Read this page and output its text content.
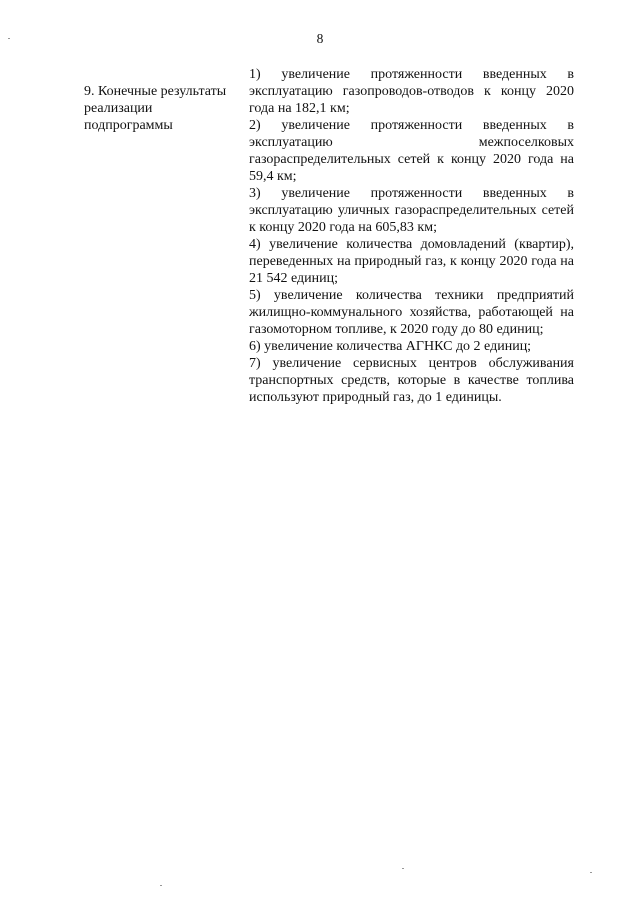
8
9. Конечные результаты
реализации
подпрограммы

1) увеличение протяженности введенных в эксплуатацию газопроводов-отводов к концу 2020 года на 182,1 км;

2) увеличение протяженности введенных в эксплуатацию межпоселковых газораспределительных сетей к концу 2020 года на 59,4 км;

3) увеличение протяженности введенных в эксплуатацию уличных газораспределительных сетей к концу 2020 года на 605,83 км;

4) увеличение количества домовладений (квартир), переведенных на природный газ, к концу 2020 года на 21 542 единиц;

5) увеличение количества техники предприятий жилищно-коммунального хозяйства, работающей на газомоторном топливе, к 2020 году до 80 единиц;

6) увеличение количества АГНКС до 2 единиц;

7) увеличение сервисных центров обслуживания транспортных средств, которые в качестве топлива используют природный газ, до 1 единицы.
